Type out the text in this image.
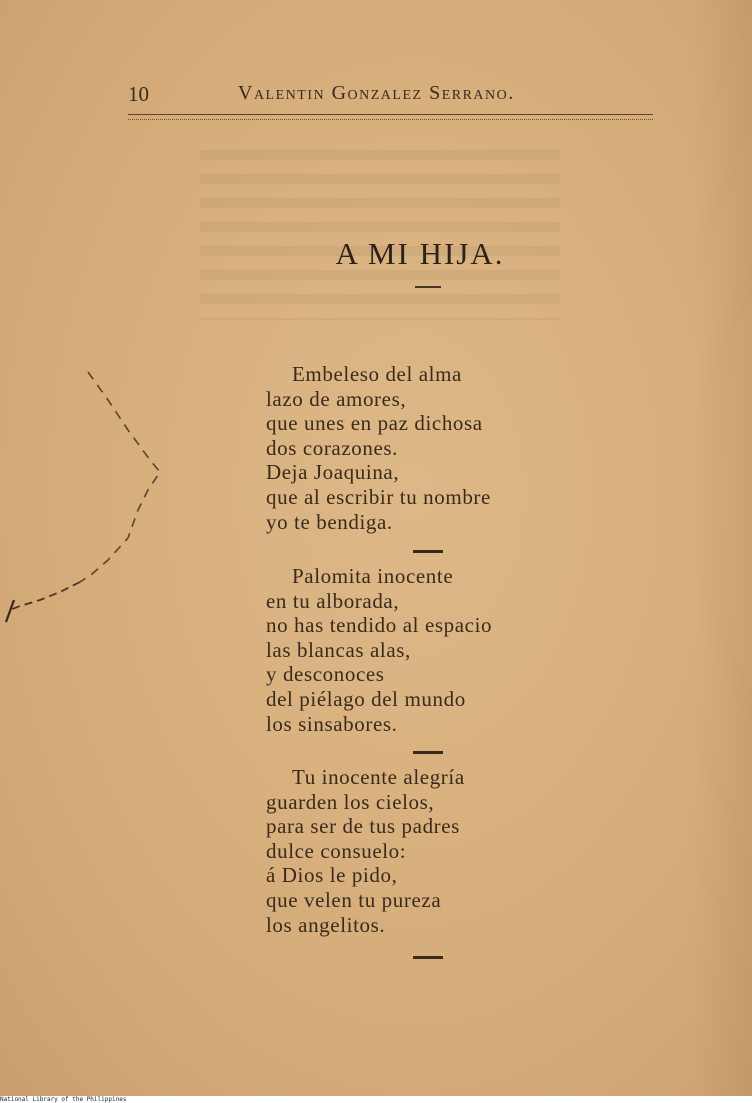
10	Valentin Gonzalez Serrano.
A MI HIJA.
Embeleso del alma
lazo de amores,
que unes en paz dichosa
dos corazones.
Deja Joaquina,
que al escribir tu nombre
yo te bendiga.
Palomita inocente
en tu alborada,
no has tendido al espacio
las blancas alas,
y desconoces
del piélago del mundo
los sinsabores.
Tu inocente alegría
guarden los cielos,
para ser de tus padres
dulce consuelo:
á Dios le pido,
que velen tu pureza
los angelitos.
National Library of the Philippines
